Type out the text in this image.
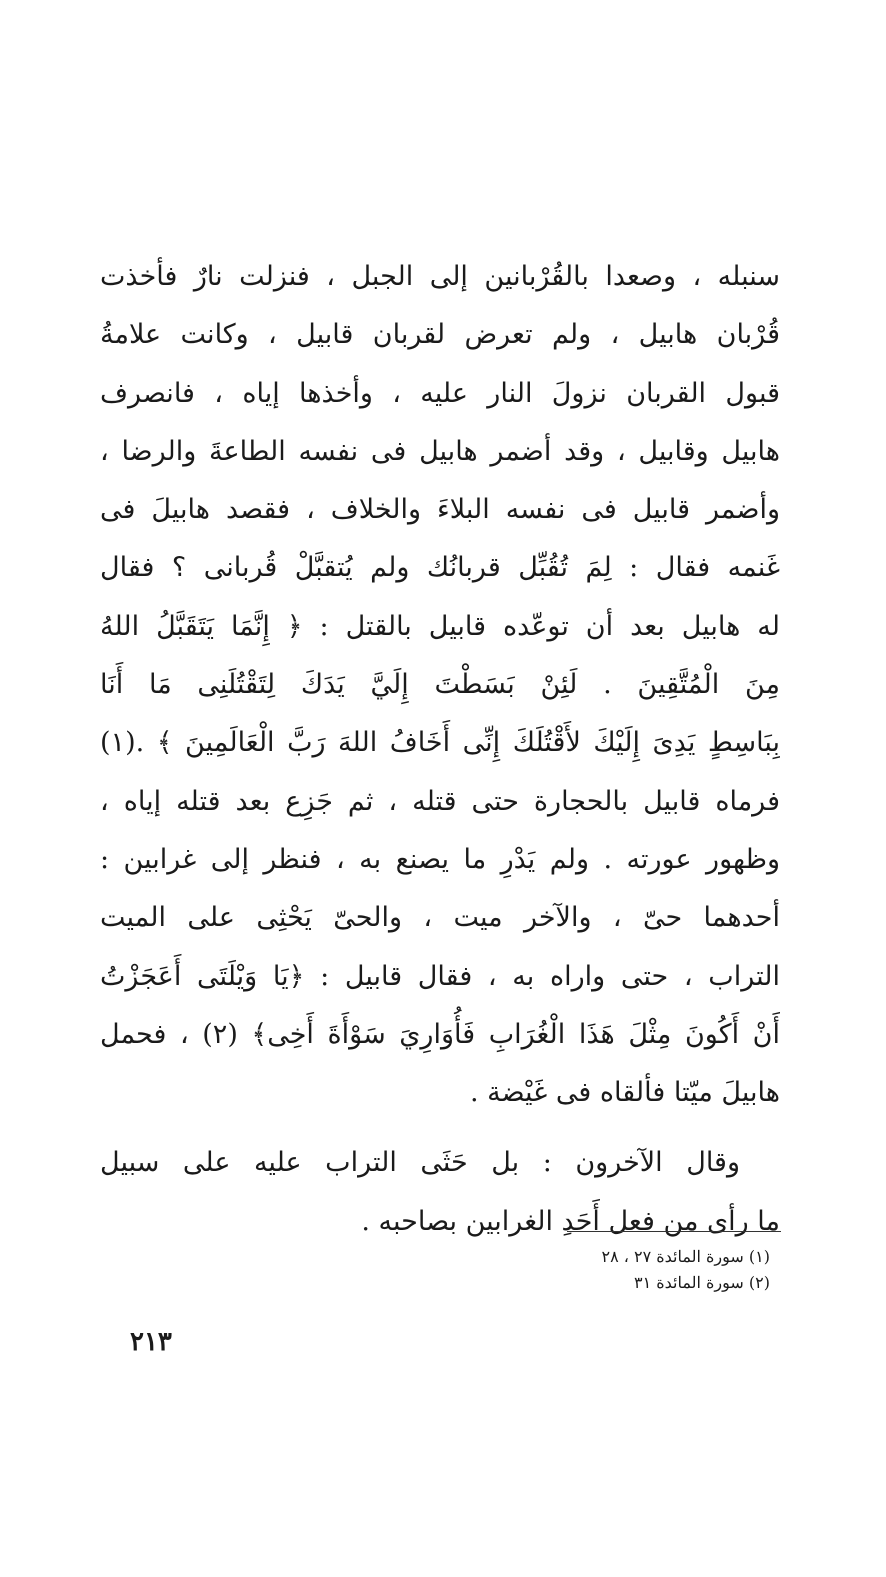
سنبله ، وصعدا بالقُرْبانين إلى الجبل ، فنزلت نارٌ فأخذت
قُرْبان هابيل ، ولم تعرض لقربان قابيل ، وكانت علامةُ
قبول القربان نزولَ النار عليه ، وأخذها إياه ، فانصرف
هابيل وقابيل ، وقد أضمر هابيل فى نفسه الطاعةَ والرضا ،
وأضمر قابيل فى نفسه البلاءَ والخلاف ، فقصد هابيلَ فى
غَنمه فقال : لِمَ تُقُبِّل قربانُك ولم يُتقبَّلْ قُربانى ؟ فقال
له هابيل بعد أن توعّده قابيل بالقتل : ﴿ إِنَّمَا يَتَقَبَّلُ اللهُ
مِنَ الْمُتَّقِينَ . لَئِنْ بَسَطْتَ إِلَيَّ يَدَكَ لِتَقْتُلَنِى مَا أَنَا
بِبَاسِطٍ يَدِىَ إِلَيْكَ لأَقْتُلَكَ إِنِّى أَخَافُ اللهَ رَبَّ الْعَالَمِينَ ﴾ .(١)
فرماه قابيل بالحجارة حتى قتله ، ثم جَزِع بعد قتله إياه ،
وظهور عورته . ولم يَدْرِ ما يصنع به ، فنظر إلى غرابين :
أحدهما حىّ ، والآخر ميت ، والحىّ يَحْثِى على الميت
التراب ، حتى واراه به ، فقال قابيل : ﴿يَا وَيْلَتَى أَعَجَزْتُ
أَنْ أَكُونَ مِثْلَ هَذَا الْغُرَابِ فَأُوَارِيَ سَوْأَةَ أَخِى﴾ (٢) ، فحمل
هابيلَ ميّتا فألقاه فى غَيْضة .
وقال الآخرون : بل حَثَى التراب عليه على سبيل
ما رأى من فعل أَحَدِ الغرابين بصاحبه .
(١) سورة المائدة ٢٧ ، ٢٨
(٢) سورة المائدة ٣١
٢١٣
